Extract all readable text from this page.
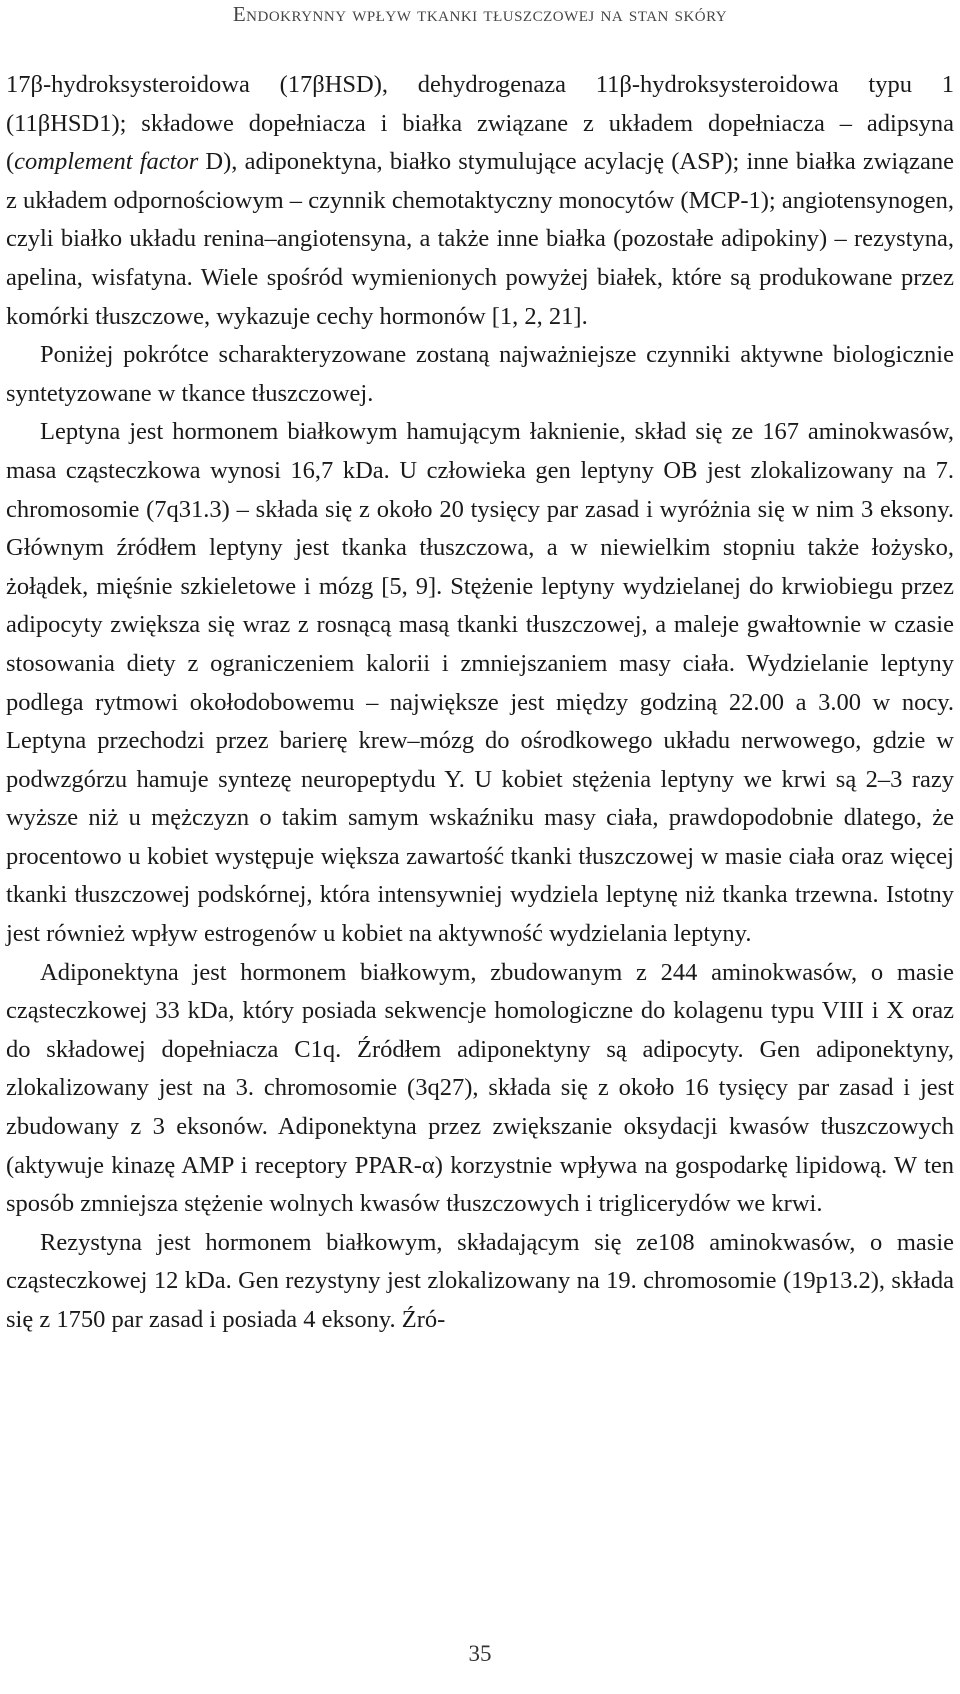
Endokrynny wpływ tkanki tłuszczowej na stan skóry

17β-hydroksysteroidowa (17βHSD), dehydrogenaza 11β-hydroksysteroidowa typu 1 (11βHSD1); składowe dopełniacza i białka związane z układem dopełniacza – adipsyna (complement factor D), adiponektyna, białko stymulujące acylację (ASP); inne białka związane z układem odpornościowym – czynnik chemotaktyczny monocytów (MCP-1); angiotensynogen, czyli białko układu renina–angiotensyna, a także inne białka (pozostałe adipokiny) – rezystyna, apelina, wisfatyna. Wiele spośród wymienionych powyżej białek, które są produkowane przez komórki tłuszczowe, wykazuje cechy hormonów [1, 2, 21].

Poniżej pokrótce scharakteryzowane zostaną najważniejsze czynniki aktywne biologicznie syntetyzowane w tkance tłuszczowej.

Leptyna jest hormonem białkowym hamującym łaknienie, skład się ze 167 aminokwasów, masa cząsteczkowa wynosi 16,7 kDa. U człowieka gen leptyny OB jest zlokalizowany na 7. chromosomie (7q31.3) – składa się z około 20 tysięcy par zasad i wyróżnia się w nim 3 eksony. Głównym źródłem leptyny jest tkanka tłuszczowa, a w niewielkim stopniu także łożysko, żołądek, mięśnie szkieletowe i mózg [5, 9]. Stężenie leptyny wydzielanej do krwiobiegu przez adipocyty zwiększa się wraz z rosnącą masą tkanki tłuszczowej, a maleje gwałtownie w czasie stosowania diety z ograniczeniem kalorii i zmniejszaniem masy ciała. Wydzielanie leptyny podlega rytmowi okołodobowemu – największe jest między godziną 22.00 a 3.00 w nocy. Leptyna przechodzi przez barierę krew–mózg do ośrodkowego układu nerwowego, gdzie w podwzgórzu hamuje syntezę neuropeptydu Y. U kobiet stężenia leptyny we krwi są 2–3 razy wyższe niż u mężczyzn o takim samym wskaźniku masy ciała, prawdopodobnie dlatego, że procentowo u kobiet występuje większa zawartość tkanki tłuszczowej w masie ciała oraz więcej tkanki tłuszczowej podskórnej, która intensywniej wydziela leptynę niż tkanka trzewna. Istotny jest również wpływ estrogenów u kobiet na aktywność wydzielania leptyny.

Adiponektyna jest hormonem białkowym, zbudowanym z 244 aminokwasów, o masie cząsteczkowej 33 kDa, który posiada sekwencje homologiczne do kolagenu typu VIII i X oraz do składowej dopełniacza C1q. Źródłem adiponektyny są adipocyty. Gen adiponektyny, zlokalizowany jest na 3. chromosomie (3q27), składa się z około 16 tysięcy par zasad i jest zbudowany z 3 eksonów. Adiponektyna przez zwiększanie oksydacji kwasów tłuszczowych (aktywuje kinazę AMP i receptory PPAR-α) korzystnie wpływa na gospodarkę lipidową. W ten sposób zmniejsza stężenie wolnych kwasów tłuszczowych i triglicerydów we krwi.

Rezystyna jest hormonem białkowym, składającym się ze108 aminokwasów, o masie cząsteczkowej 12 kDa. Gen rezystyny jest zlokalizowany na 19. chromosomie (19p13.2), składa się z 1750 par zasad i posiada 4 eksony. Źró-

35
